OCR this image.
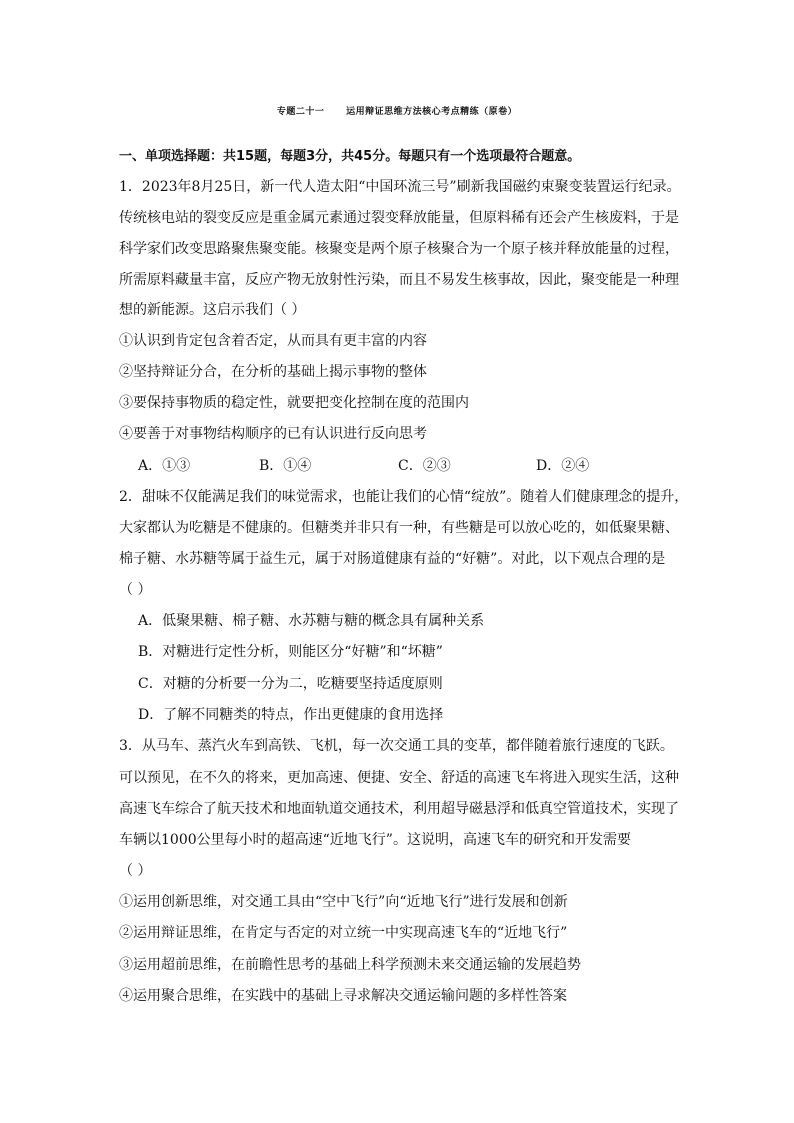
专题二十一      运用辩证思维方法核心考点精练（原卷）
一、单项选择题：共15题，每题3分，共45分。每题只有一个选项最符合题意。
1．2023年8月25日，新一代人造太阳“中国环流三号”刷新我国磁约束聚变装置运行纪录。
传统核电站的裂变反应是重金属元素通过裂变释放能量，但原料稀有还会产生核废料，于是
科学家们改变思路聚焦聚变能。核聚变是两个原子核聚合为一个原子核并释放能量的过程，
所需原料藏量丰富，反应产物无放射性污染，而且不易发生核事故，因此，聚变能是一种理
想的新能源。这启示我们（ ）
①认识到肯定包含着否定，从而具有更丰富的内容
②坚持辩证分合，在分析的基础上揭示事物的整体
③要保持事物质的稳定性，就要把变化控制在度的范围内
④要善于对事物结构顺序的已有认识进行反向思考
A．①③	B．①④	C．②③	D．②④
2．甜味不仅能满足我们的味觉需求，也能让我们的心情“绽放”。随着人们健康理念的提升，
大家都认为吃糖是不健康的。但糖类并非只有一种，有些糖是可以放心吃的，如低聚果糖、
棉子糖、水苏糖等属于益生元，属于对肠道健康有益的“好糖”。对此，以下观点合理的是
（ ）
A．低聚果糖、棉子糖、水苏糖与糖的概念具有属种关系
B．对糖进行定性分析，则能区分“好糖”和“坏糖”
C．对糖的分析要一分为二，吃糖要坚持适度原则
D．了解不同糖类的特点，作出更健康的食用选择
3．从马车、蒸汽火车到高铁、飞机，每一次交通工具的变革，都伴随着旅行速度的飞跃。
可以预见，在不久的将来，更加高速、便捷、安全、舒适的高速飞车将进入现实生活，这种
高速飞车综合了航天技术和地面轨道交通技术，利用超导磁悬浮和低真空管道技术，实现了
车辆以1000公里每小时的超高速“近地飞行”。这说明，高速飞车的研究和开发需要
（ ）
①运用创新思维，对交通工具由“空中飞行”向“近地飞行”进行发展和创新
②运用辩证思维，在肯定与否定的对立统一中实现高速飞车的“近地飞行”
③运用超前思维，在前瞻性思考的基础上科学预测未来交通运输的发展趋势
④运用聚合思维，在实践中的基础上寻求解决交通运输问题的多样性答案
